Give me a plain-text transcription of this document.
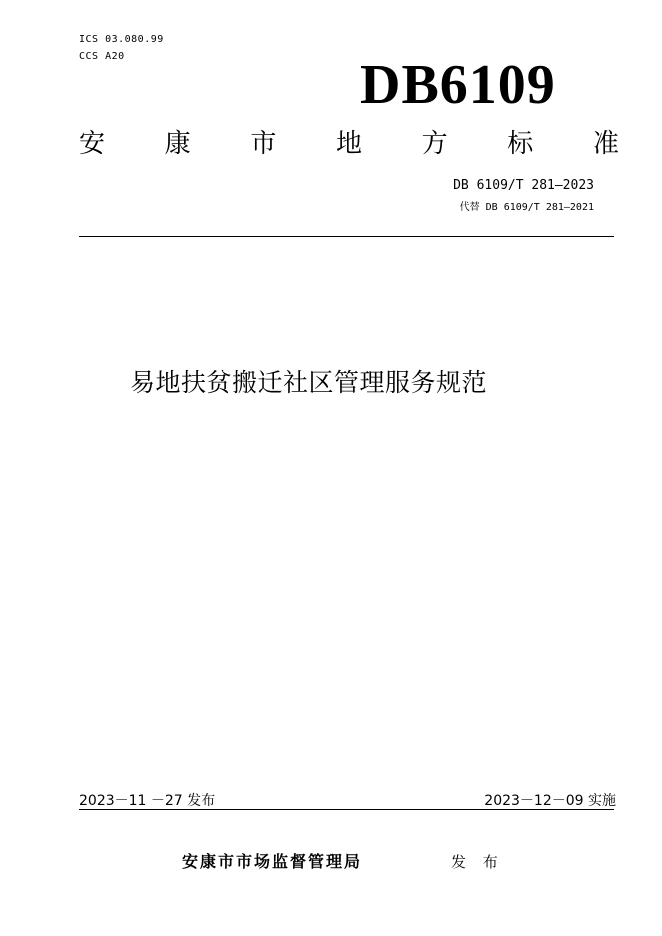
ICS 03.080.99
CCS A20	DB6109
安 康 市 地 方 标 准
DB 6109/T 281—2023
代替 DB 6109/T 281—2021
易地扶贫搬迁社区管理服务规范
2023－11 －27 发布	2023－12－09 实施
安康市市场监督管理局	发 布
